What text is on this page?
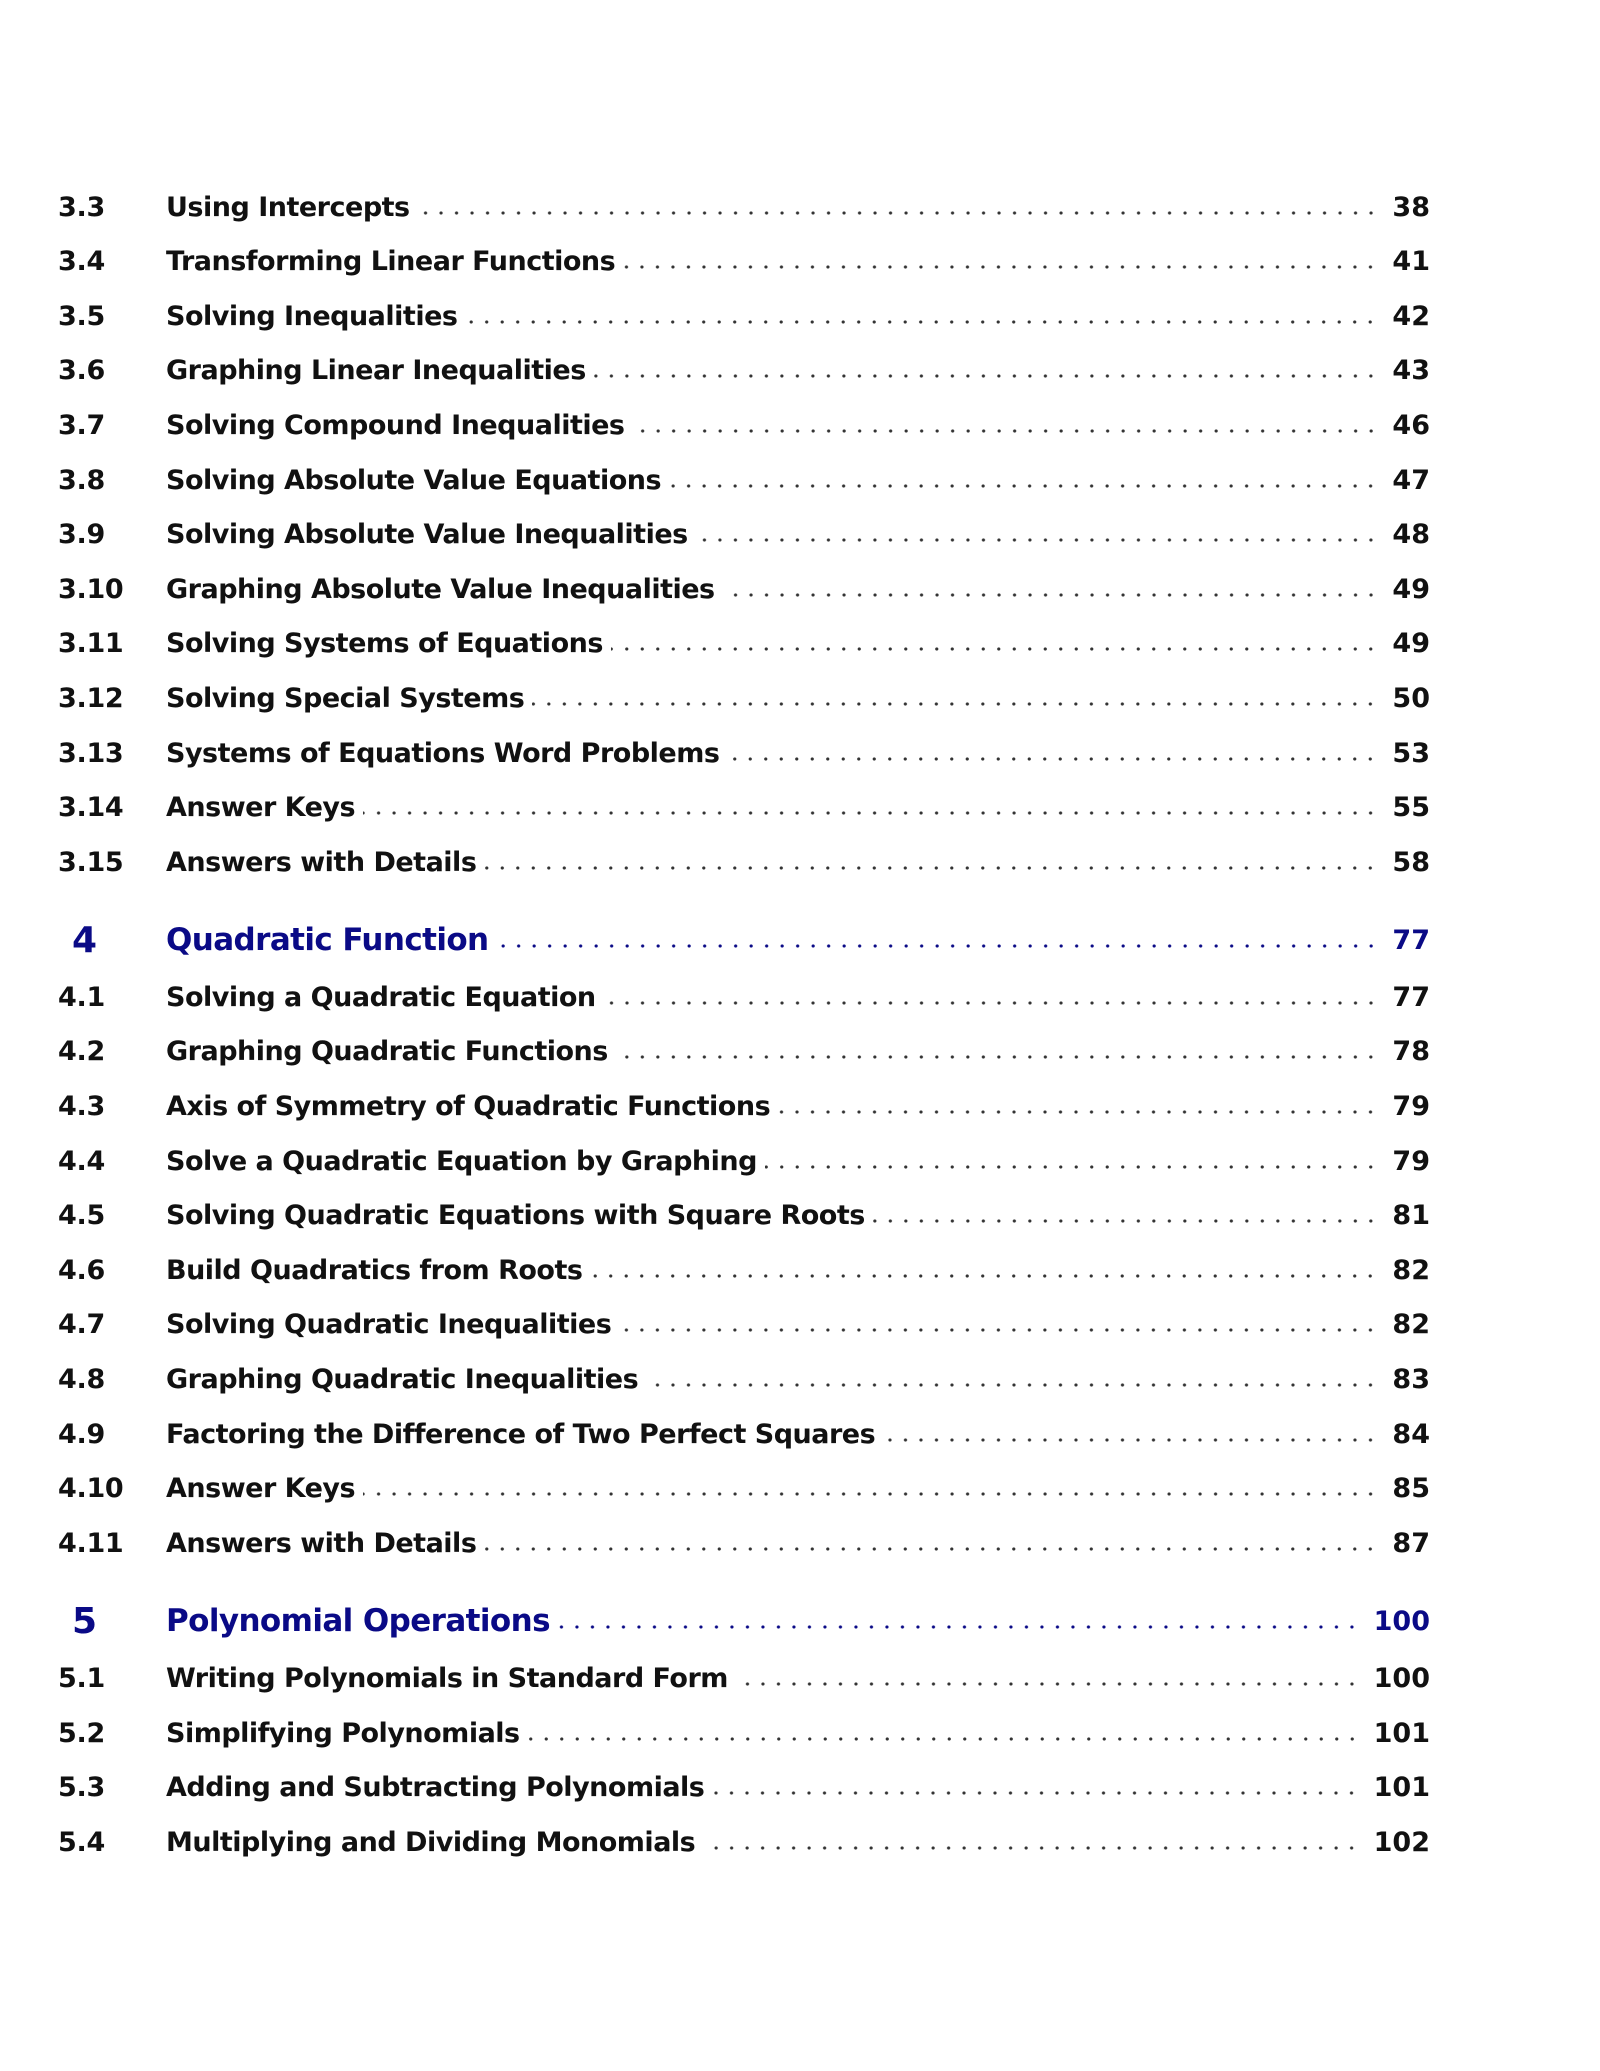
3.3	Using Intercepts	38
3.4	Transforming Linear Functions	41
3.5	Solving Inequalities	42
3.6	Graphing Linear Inequalities	43
3.7	Solving Compound Inequalities	46
3.8	Solving Absolute Value Equations	47
3.9	Solving Absolute Value Inequalities	48
3.10	Graphing Absolute Value Inequalities	49
3.11	Solving Systems of Equations	49
3.12	Solving Special Systems	50
3.13	Systems of Equations Word Problems	53
3.14	Answer Keys	55
3.15	Answers with Details	58
4	Quadratic Function	77
4.1	Solving a Quadratic Equation	77
4.2	Graphing Quadratic Functions	78
4.3	Axis of Symmetry of Quadratic Functions	79
4.4	Solve a Quadratic Equation by Graphing	79
4.5	Solving Quadratic Equations with Square Roots	81
4.6	Build Quadratics from Roots	82
4.7	Solving Quadratic Inequalities	82
4.8	Graphing Quadratic Inequalities	83
4.9	Factoring the Difference of Two Perfect Squares	84
4.10	Answer Keys	85
4.11	Answers with Details	87
5	Polynomial Operations	100
5.1	Writing Polynomials in Standard Form	100
5.2	Simplifying Polynomials	101
5.3	Adding and Subtracting Polynomials	101
5.4	Multiplying and Dividing Monomials	102
